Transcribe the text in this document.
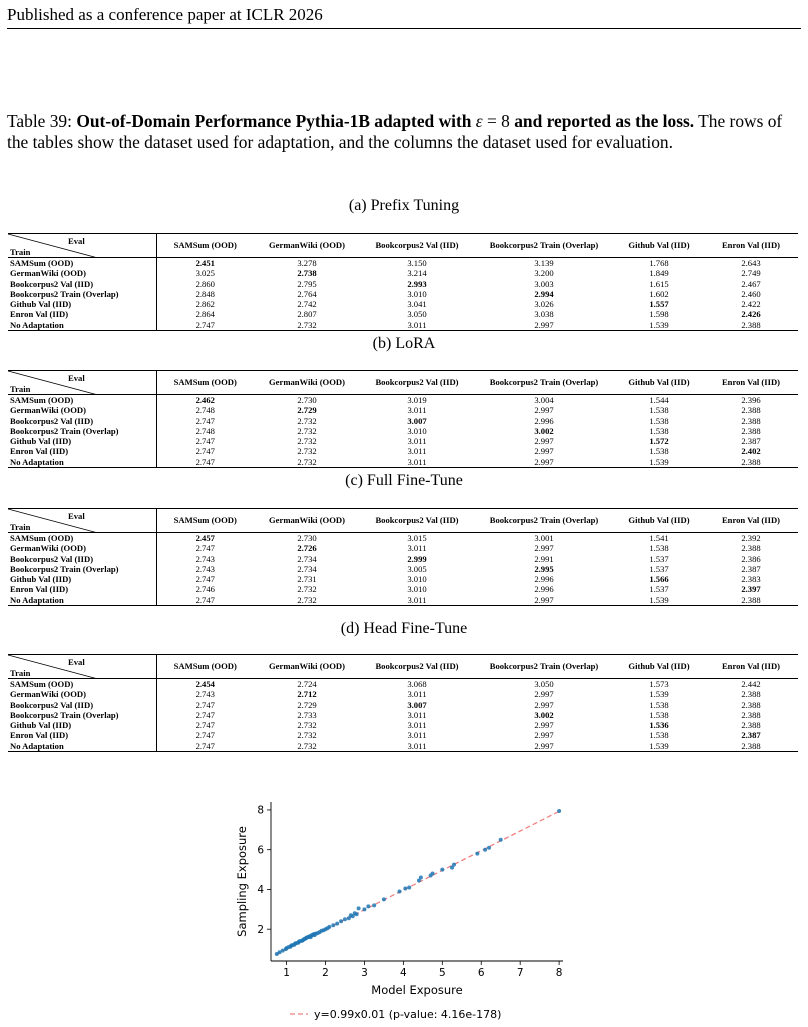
Published as a conference paper at ICLR 2026
Table 39: Out-of-Domain Performance Pythia-1B adapted with ε = 8 and reported as the loss. The rows of the tables show the dataset used for adaptation, and the columns the dataset used for evaluation.
(a) Prefix Tuning
Eval
Train	SAMSum (OOD)	GermanWiki (OOD)	Bookcorpus2 Val (IID)	Bookcorpus2 Train (Overlap)	Github Val (IID)	Enron Val (IID)
SAMSum (OOD)	2.451	3.278	3.150	3.139	1.768	2.643
GermanWiki (OOD)	3.025	2.738	3.214	3.200	1.849	2.749
Bookcorpus2 Val (IID)	2.860	2.795	2.993	3.003	1.615	2.467
Bookcorpus2 Train (Overlap)	2.848	2.764	3.010	2.994	1.602	2.460
Github Val (IID)	2.862	2.742	3.041	3.026	1.557	2.422
Enron Val (IID)	2.864	2.807	3.050	3.038	1.598	2.426
No Adaptation	2.747	2.732	3.011	2.997	1.539	2.388
(b) LoRA
Eval
Train	SAMSum (OOD)	GermanWiki (OOD)	Bookcorpus2 Val (IID)	Bookcorpus2 Train (Overlap)	Github Val (IID)	Enron Val (IID)
SAMSum (OOD)	2.462	2.730	3.019	3.004	1.544	2.396
GermanWiki (OOD)	2.748	2.729	3.011	2.997	1.538	2.388
Bookcorpus2 Val (IID)	2.747	2.732	3.007	2.996	1.538	2.388
Bookcorpus2 Train (Overlap)	2.748	2.732	3.010	3.002	1.538	2.388
Github Val (IID)	2.747	2.732	3.011	2.997	1.572	2.387
Enron Val (IID)	2.747	2.732	3.011	2.997	1.538	2.402
No Adaptation	2.747	2.732	3.011	2.997	1.539	2.388
(c) Full Fine-Tune
Eval
Train	SAMSum (OOD)	GermanWiki (OOD)	Bookcorpus2 Val (IID)	Bookcorpus2 Train (Overlap)	Github Val (IID)	Enron Val (IID)
SAMSum (OOD)	2.457	2.730	3.015	3.001	1.541	2.392
GermanWiki (OOD)	2.747	2.726	3.011	2.997	1.538	2.388
Bookcorpus2 Val (IID)	2.743	2.734	2.999	2.991	1.537	2.386
Bookcorpus2 Train (Overlap)	2.743	2.734	3.005	2.995	1.537	2.387
Github Val (IID)	2.747	2.731	3.010	2.996	1.566	2.383
Enron Val (IID)	2.746	2.732	3.010	2.996	1.537	2.397
No Adaptation	2.747	2.732	3.011	2.997	1.539	2.388
(d) Head Fine-Tune
Eval
Train	SAMSum (OOD)	GermanWiki (OOD)	Bookcorpus2 Val (IID)	Bookcorpus2 Train (Overlap)	Github Val (IID)	Enron Val (IID)
SAMSum (OOD)	2.454	2.724	3.068	3.050	1.573	2.442
GermanWiki (OOD)	2.743	2.712	3.011	2.997	1.539	2.388
Bookcorpus2 Val (IID)	2.747	2.729	3.007	2.997	1.538	2.388
Bookcorpus2 Train (Overlap)	2.747	2.733	3.011	3.002	1.538	2.388
Github Val (IID)	2.747	2.732	3.011	2.997	1.536	2.388
Enron Val (IID)	2.747	2.732	3.011	2.997	1.538	2.387
No Adaptation	2.747	2.732	3.011	2.997	1.539	2.388
1	2	3	4	5	6	7	8
2
4
6
8
Model Exposure
Sampling Exposure
y=0.99x0.01 (p-value: 4.16e-178)
